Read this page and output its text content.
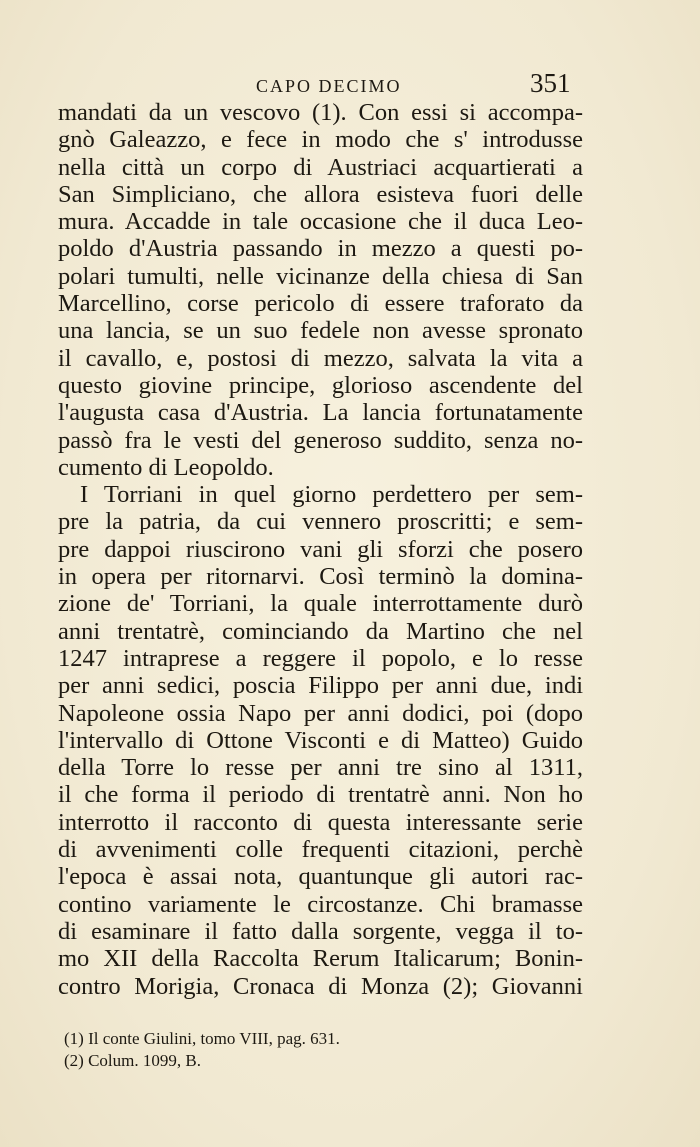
CAPO DECIMO	351
mandati da un vescovo (1). Con essi si accompa-
gnò Galeazzo, e fece in modo che s' introdusse
nella città un corpo di Austriaci acquartierati a
San Simpliciano, che allora esisteva fuori delle
mura. Accadde in tale occasione che il duca Leo-
poldo d'Austria passando in mezzo a questi po-
polari tumulti, nelle vicinanze della chiesa di San
Marcellino, corse pericolo di essere traforato da
una lancia, se un suo fedele non avesse spronato
il cavallo, e, postosi di mezzo, salvata la vita a
questo giovine principe, glorioso ascendente del
l'augusta casa d'Austria. La lancia fortunatamente
passò fra le vesti del generoso suddito, senza no-
cumento di Leopoldo.
I Torriani in quel giorno perdettero per sem-
pre la patria, da cui vennero proscritti; e sem-
pre dappoi riuscirono vani gli sforzi che posero
in opera per ritornarvi. Così terminò la domina-
zione de' Torriani, la quale interrottamente durò
anni trentatrè, cominciando da Martino che nel
1247 intraprese a reggere il popolo, e lo resse
per anni sedici, poscia Filippo per anni due, indi
Napoleone ossia Napo per anni dodici, poi (dopo
l'intervallo di Ottone Visconti e di Matteo) Guido
della Torre lo resse per anni tre sino al 1311,
il che forma il periodo di trentatrè anni. Non ho
interrotto il racconto di questa interessante serie
di avvenimenti colle frequenti citazioni, perchè
l'epoca è assai nota, quantunque gli autori rac-
contino variamente le circostanze. Chi bramasse
di esaminare il fatto dalla sorgente, vegga il to-
mo XII della Raccolta Rerum Italicarum; Bonin-
contro Morigia, Cronaca di Monza (2); Giovanni
(1) Il conte Giulini, tomo VIII, pag. 631.
(2) Colum. 1099, B.
